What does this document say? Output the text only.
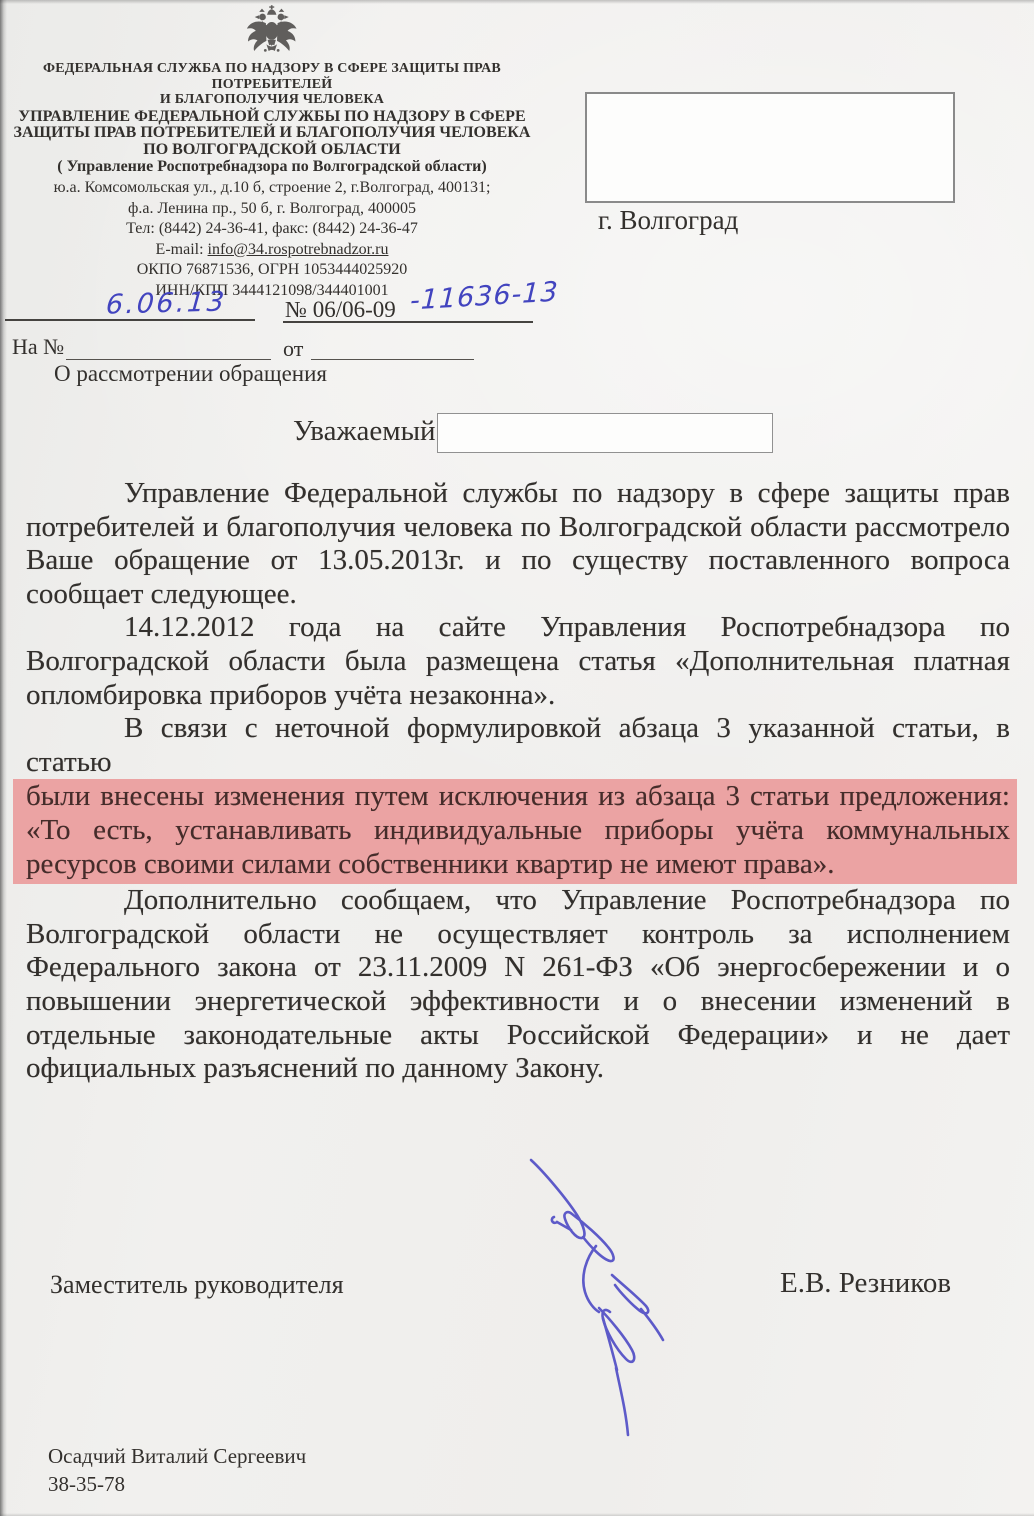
ФЕДЕРАЛЬНАЯ СЛУЖБА ПО НАДЗОРУ В СФЕРЕ ЗАЩИТЫ ПРАВ ПОТРЕБИТЕЛЕЙ
И БЛАГОПОЛУЧИЯ ЧЕЛОВЕКА
УПРАВЛЕНИЕ ФЕДЕРАЛЬНОЙ СЛУЖБЫ ПО НАДЗОРУ В СФЕРЕ
ЗАЩИТЫ ПРАВ ПОТРЕБИТЕЛЕЙ И БЛАГОПОЛУЧИЯ ЧЕЛОВЕКА
ПО ВОЛГОГРАДСКОЙ ОБЛАСТИ
( Управление Роспотребнадзора по Волгоградской области)
ю.а. Комсомольская ул., д.10 б, строение 2, г.Волгоград, 400131;
ф.а. Ленина пр., 50 б, г. Волгоград, 400005
Тел: (8442) 24-36-41, факс: (8442) 24-36-47
E-mail: info@34.rospotrebnadzor.ru
ОКПО 76871536, ОГРН 1053444025920
ИНН/КПП 3444121098/344401001
г. Волгоград
6.06.13 № 06/06-09 -11636-13
На №	от
О рассмотрении обращения
Уважаемый

Управление Федеральной службы по надзору в сфере защиты прав потребителей и благополучия человека по Волгоградской области рассмотрело Ваше обращение от 13.05.2013г. и по существу поставленного вопроса сообщает следующее.

14.12.2012 года на сайте Управления Роспотребнадзора по Волгоградской области была размещена статья «Дополнительная платная опломбировка приборов учёта незаконна».

В связи с неточной формулировкой абзаца 3 указанной статьи, в статью

были внесены изменения путем исключения из абзаца 3 статьи предложения: «То есть, устанавливать индивидуальные приборы учёта коммунальных ресурсов своими силами собственники квартир не имеют права».

Дополнительно сообщаем, что Управление Роспотребнадзора по Волгоградской области не осуществляет контроль за исполнением Федерального закона от 23.11.2009 N 261-ФЗ «Об энергосбережении и о повышении энергетической эффективности и о внесении изменений в отдельные законодательные акты Российской Федерации» и не дает официальных разъяснений по данному Закону.

Заместитель руководителя	Е.В. Резников
Осадчий Виталий Сергеевич
38-35-78
